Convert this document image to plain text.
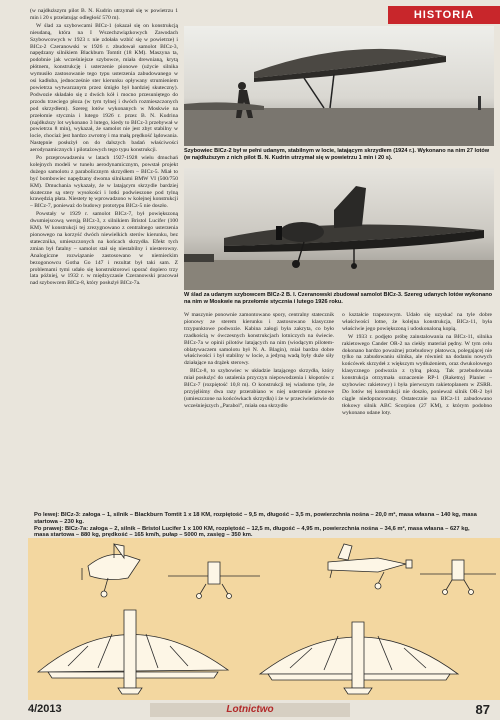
HISTORIA

(w najdłuższym pilot B. N. Kudrin utrzymał się w powietrzu 1 min i 20 s przelatując odległość 570 m).

W ślad za szybowcami BICz-1 (okazał się on konstrukcją nieudaną, która na I Wszechzwiązkowych Zawodach Szybowcowych w 1923 r. nie zdołała wzbić się w powietrze) i BICz-2 Czeranowski w 1926 r. zbudował samolot BICz-3, napędzany silnikiem Blackburn Tomtit (18 KM). Maszyna ta, podobnie jak wcześniejsze szybowce, miała drewnianą, krytą płótnem, konstrukcję i usterzenie pionowe (użycie silnika wymusiło zastosowanie tego typu usterzenia zabudowanego w osi kadłuba, jednocześnie ster kierunku opływany strumieniem powietrza wytwarzanym przez śmigło był bardziej skuteczny). Podwozie składało się z dwóch kół i mocno przesuniętego do przodu trzeciego płoza (w tym tylnej i dwóch rozmieszczonych pod skrzydłem). Szereg lotów wykonanych w Moskwie na przełomie stycznia i lutego 1926 r. przez B. N. Kudrina (najdłuższy lot wykonano 3 lutego, kiedy to BICz-3 przebywał w powietrzu 8 min), wykazał, że samolot nie jest zbyt stabilny w locie, chociaż jest bardzo zwrotny i ma małą prędkość lądowania. Następnie posłużył on do dalszych badań właściwości aerodynamicznych i pilotażowych tego typu konstrukcji.

Po przeprowadzeniu w latach 1927-1928 wielu dmuchań kolejnych modeli w tunelu aerodynamicznym, powstał projekt dużego samolotu z parabolicznym skrzydłem – BICz-5. Miał to być bombowiec napędzany dwoma silnikami BMW VI (500/750 KM). Dmuchania wykazały, że w latającym skrzydle bardziej skuteczne są stery wysokości i lotki podwieszone pod tylną krawędzią płata. Niestety tę wprowadzono w kolejnej konstrukcji – BICz-7, ponieważ do budowy prototypu BICz-5 nie doszło.

Powstały w 1929 r. samolot BICz-7, był powiększoną dwumiejscową wersją BICz-3, z silnikiem Bristol Lucifer (100 KM). W konstrukcji tej zrezygnowano z centralnego usterzenia pionowego na korzyść dwóch niewielkich sterów kierunku, bez statecznika, umieszczonych na końcach skrzydła. Efekt tych zmian był fatalny – samolot stał się niestabilny i niesterowny. Analogiczne rozwiązanie zastosowano w niemieckim bezogonowcu Gotha Go 147 i rezultat był taki sam. Z problemami tymi udało się konstruktorowi uporać dopiero trzy lata później, w 1932 r. w międzyczasie Czeranowski pracował nad szybowcem BICz-8, który posłużył BICz-7a.

Szybowiec BICz-2 był w pełni udanym, stabilnym w locie, latającym skrzydłem (1924 r.). Wykonano na nim 27 lotów (w najdłuższym z nich pilot B. N. Kudrin utrzymał się w powietrzu 1 min i 20 s).
W ślad za udanym szybowcem BICz-2 B. I. Czeranowski zbudował samolot BICz-3. Szereg udanych lotów wykonano na nim w Moskwie na przełomie stycznia i lutego 1926 roku.

W maszynie ponownie zamontowano spory, centralny statecznik pionowy ze sterem kierunku i zastosowano klasyczne trzypunktowe podwozie. Kabina załogi była zakryta, co było rzadkością w ówczesnych konstrukcjach lotniczych na świecie. BICz-7a w opinii pilotów latających na nim (wiodącym pilotem-oblatywaczem samolotu był N. A. Blagin), miał bardzo dobre właściwości i był stabilny w locie, a jedyną wadą były duże siły działające na drążek sterowy.

BICz-8, to szybowiec w układzie latającego skrzydła, który miał posłużyć do ustalenia przyczyn niepowodzenia i kłopotów z BICz-7 (rozpiętość 10,8 m). O konstrukcji tej wiadomo tyle, że przyjęliśmy dwa razy przerabiano w niej usterzenie pionowe (umieszczone na końcówkach skrzydła) i że w przeciwieństwie do wcześniejszych „Parabol”, miała ona skrzydło

o kształcie trapezowym. Udało się uzyskać na tyle dobre właściwości lotne, że kolejna konstrukcja, BICz-11, była właściwie jego powiększoną i udoskonaloną kopią.

W 1933 r. podjęto próbę zainstalowania na BICz-11, silnika rakietowego Cander OR-2 na ciekły materiał pędny. W tym celu dokonano bardzo poważnej przebudowy płatowca, polegającej nie tylko na zabudowaniu silnika, ale również na dodaniu nowych końcówek skrzydeł z większym wydłużeniem, oraz dwukolowego klasycznego podwozia z tylną płozą. Tak przebudowana konstrukcja otrzymała oznaczenie RP-1 (Raketnyj Planier – szybowiec rakietowy) i była pierwszym rakietoplanem w ZSRR. Do lotów tej konstrukcji nie doszło, ponieważ silnik OR-2 był ciągle niedopracowany. Ostatecznie na BICz-11 zabudowano tłokowy silnik ABC Scorpion (27 KM), z którym podobno wykonano udane loty.

Po lewej: BICz-3: załoga – 1, silnik – Blackburn Tomtit 1 x 18 KM, rozpiętość – 9,5 m, długość – 3,5 m, powierzchnia nośna – 20,0 m², masa własna – 140 kg, masa startowa – 230 kg.
Po prawej: BICz-7a: załoga – 2, silnik – Bristol Lucifer 1 x 100 KM, rozpiętość – 12,5 m, długość – 4,95 m, powierzchnia nośna – 34,6 m², masa własna – 627 kg, masa startowa – 880 kg, prędkość – 165 km/h, pułap – 5000 m, zasięg – 350 km.
4/2013	Lotnictwo	87
